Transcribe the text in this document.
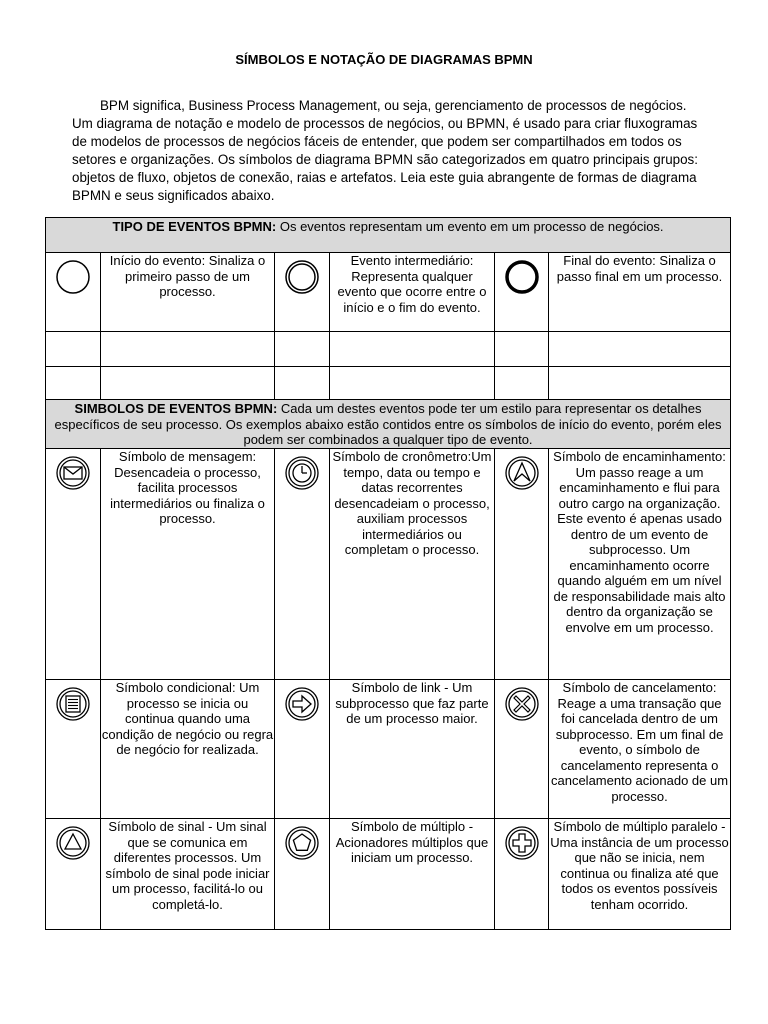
SÍMBOLOS E NOTAÇÃO DE DIAGRAMAS BPMN
BPM significa, Business Process Management, ou seja, gerenciamento de processos de negócios. Um diagrama de notação e modelo de processos de negócios, ou BPMN, é usado para criar fluxogramas de modelos de processos de negócios fáceis de entender, que podem ser compartilhados em todos os setores e organizações. Os símbolos de diagrama BPMN são categorizados em quatro principais grupos: objetos de fluxo, objetos de conexão, raias e artefatos. Leia este guia abrangente de formas de diagrama BPMN e seus significados abaixo.
TIPO DE EVENTOS BPMN: Os eventos representam um evento em um processo de negócios.					

	Início do evento: Sinaliza o primeiro passo de um processo.		Evento intermediário: Representa qualquer evento que ocorre entre o início e o fim do evento.		Final do evento: Sinaliza o passo final em um processo.

SIMBOLOS DE EVENTOS BPMN: Cada um destes eventos pode ter um estilo para representar os detalhes específicos de seu processo. Os exemplos abaixo estão contidos entre os símbolos de início do evento, porém eles podem ser combinados a qualquer tipo de evento.					

	Símbolo de mensagem: Desencadeia o processo, facilita processos intermediários ou finaliza o processo.		Símbolo de cronômetro:Um tempo, data ou tempo e datas recorrentes desencadeiam o processo, auxiliam processos intermediários ou completam o processo.		Símbolo de encaminhamento: Um passo reage a um encaminhamento e flui para outro cargo na organização. Este evento é apenas usado dentro de um evento de subprocesso. Um encaminhamento ocorre quando alguém em um nível de responsabilidade mais alto dentro da organização se envolve em um processo.

	Símbolo condicional: Um processo se inicia ou continua quando uma condição de negócio ou regra de negócio for realizada.		Símbolo de link - Um subprocesso que faz parte de um processo maior.		Símbolo de cancelamento: Reage a uma transação que foi cancelada dentro de um subprocesso. Em um final de evento, o símbolo de cancelamento representa o cancelamento acionado de um processo.

	Símbolo de sinal - Um sinal que se comunica em diferentes processos. Um símbolo de sinal pode iniciar um processo, facilitá-lo ou completá-lo.		Símbolo de múltiplo - Acionadores múltiplos que iniciam um processo.		Símbolo de múltiplo paralelo - Uma instância de um processo que não se inicia, nem continua ou finaliza até que todos os eventos possíveis tenham ocorrido.
